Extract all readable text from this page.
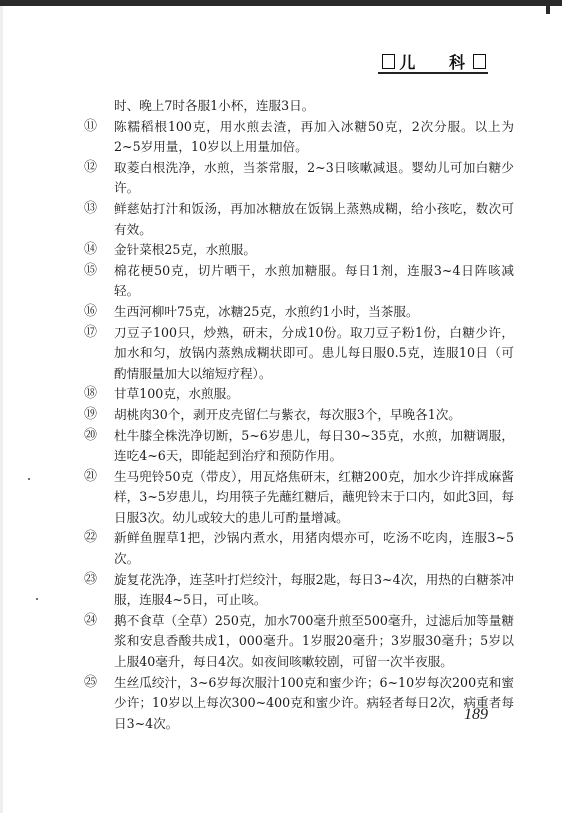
儿 科

时、晚上7时各服1小杯，连服3日。

⑪	陈糯稻根100克，用水煎去渣，再加入冰糖50克，2次分服。以上为2~5岁用量，10岁以上用量加倍。

⑫	取菱白根洗净，水煎，当茶常服，2~3日咳嗽减退。婴幼儿可加白糖少许。

⑬	鲜慈姑打汁和饭汤，再加冰糖放在饭锅上蒸熟成糊，给小孩吃，数次可有效。

⑭	金针菜根25克，水煎服。

⑮	棉花梗50克，切片晒干，水煎加糖服。每日1剂，连服3~4日阵咳减轻。

⑯	生西河柳叶75克，冰糖25克，水煎约1小时，当茶服。

⑰	刀豆子100只，炒熟，研末，分成10份。取刀豆子粉1份，白糖少许，加水和匀，放锅内蒸熟成糊状即可。患儿每日服0.5克，连服10日（可酌情服量加大以缩短疗程）。

⑱	甘草100克，水煎服。

⑲	胡桃肉30个，剥开皮壳留仁与紫衣，每次服3个，早晚各1次。

⑳	杜牛膝全株洗净切断，5~6岁患儿，每日30~35克，水煎，加糖调服，连吃4~6天，即能起到治疗和预防作用。

㉑	生马兜铃50克（带皮），用瓦烙焦研末，红糖200克，加水少许拌成麻酱样，3~5岁患儿，均用筷子先蘸红糖后，蘸兜铃末于口内，如此3回，每日服3次。幼儿或较大的患儿可酌量增减。

㉒	新鲜鱼腥草1把，沙锅内煮水，用猪肉煨亦可，吃汤不吃肉，连服3~5次。

㉓	旋复花洗净，连茎叶打烂绞汁，每服2匙，每日3~4次，用热的白糖茶冲服，连服4~5日，可止咳。

㉔	鹅不食草（全草）250克，加水700毫升煎至500毫升，过滤后加等量糖浆和安息香酸共成1，000毫升。1岁服20毫升；3岁服30毫升；5岁以上服40毫升，每日4次。如夜间咳嗽较剧，可留一次半夜服。

㉕	生丝瓜绞汁，3~6岁每次服汁100克和蜜少许；6~10岁每次200克和蜜少许；10岁以上每次300~400克和蜜少许。病轻者每日2次，病重者每日3~4次。

189
